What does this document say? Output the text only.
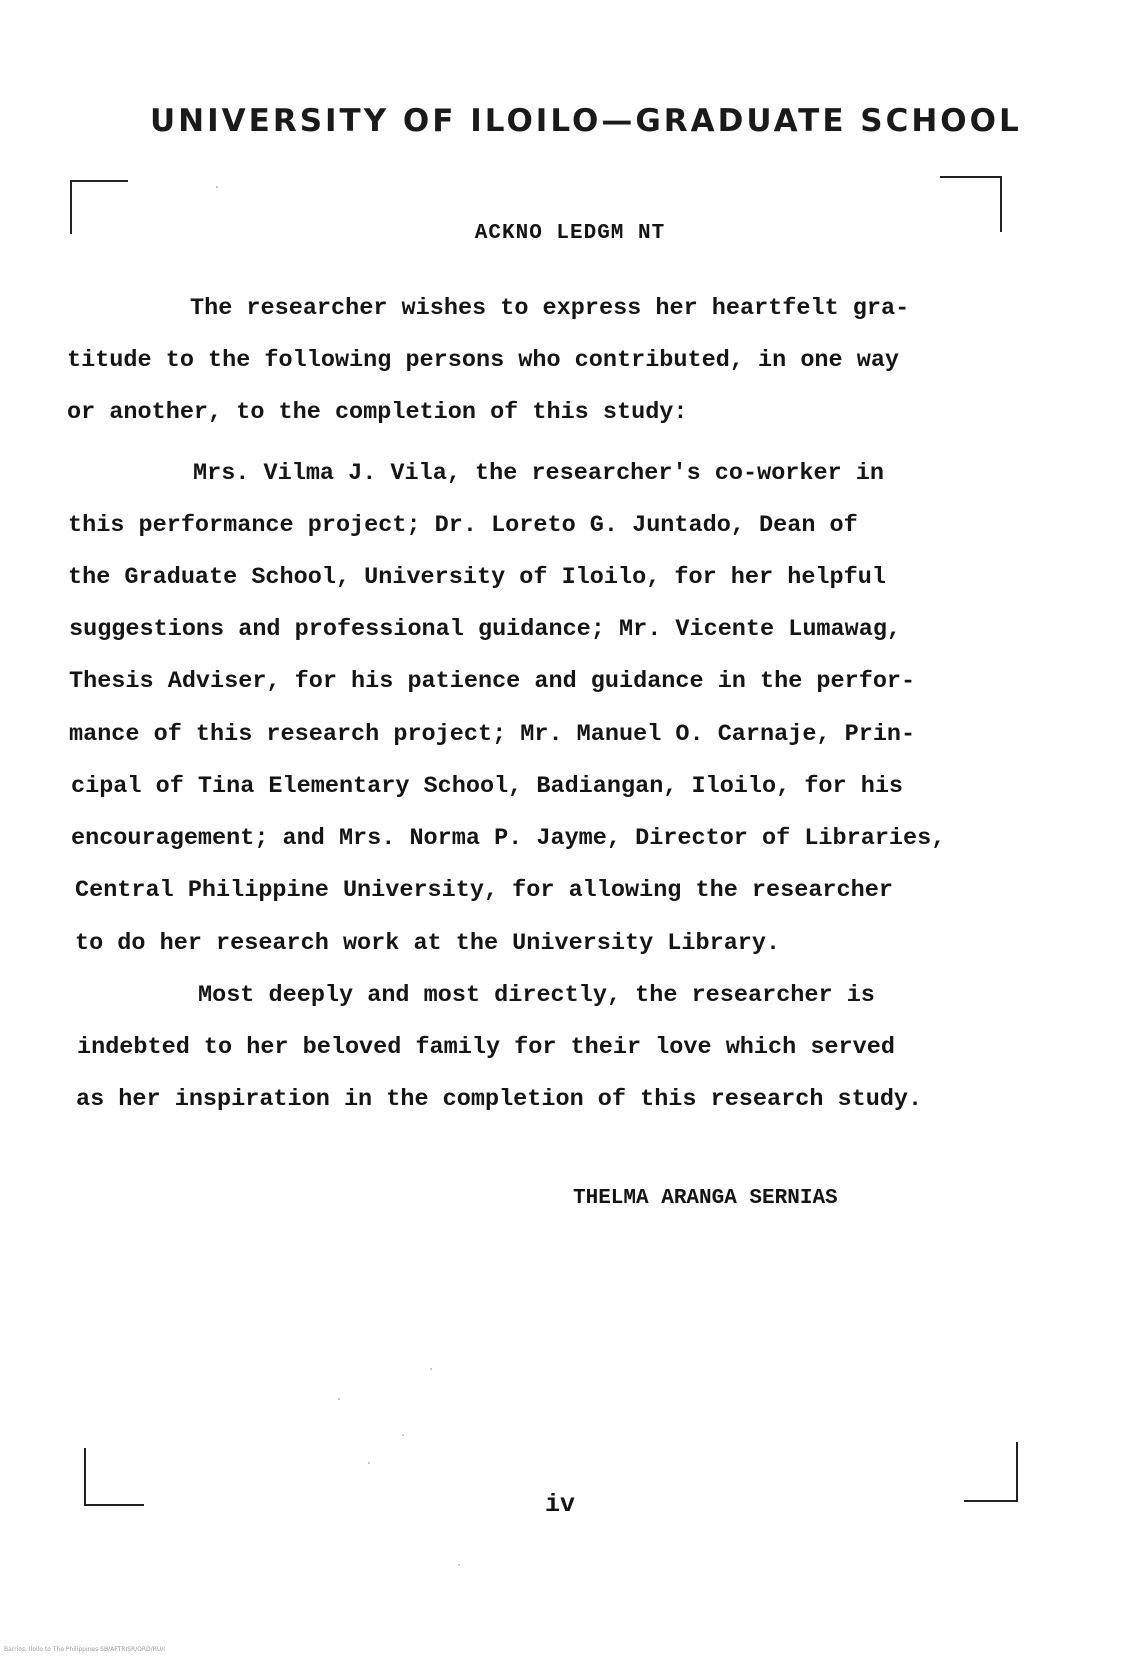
UNIVERSITY OF ILOILO—GRADUATE SCHOOL
ACKNO LEDGM NT
The researcher wishes to express her heartfelt gra-
titude to the following persons who contributed, in one way
or another, to the completion of this study:
Mrs. Vilma J. Vila, the researcher's co-worker in
this performance project; Dr. Loreto G. Juntado, Dean of
the Graduate School, University of Iloilo, for her helpful
suggestions and professional guidance; Mr. Vicente Lumawag,
Thesis Adviser, for his patience and guidance in the perfor-
mance of this research project; Mr. Manuel O. Carnaje, Prin-
cipal of Tina Elementary School, Badiangan, Iloilo, for his
encouragement; and Mrs. Norma P. Jayme, Director of Libraries,
Central Philippine University, for allowing the researcher
to do her research work at the University Library.
Most deeply and most directly, the researcher is
indebted to her beloved family for their love which served
as her inspiration in the completion of this research study.
THELMA ARANGA SERNIAS
iv
Barrios, Iloilo to The Philippines SB/AFTRISR/ORD/RU/I
